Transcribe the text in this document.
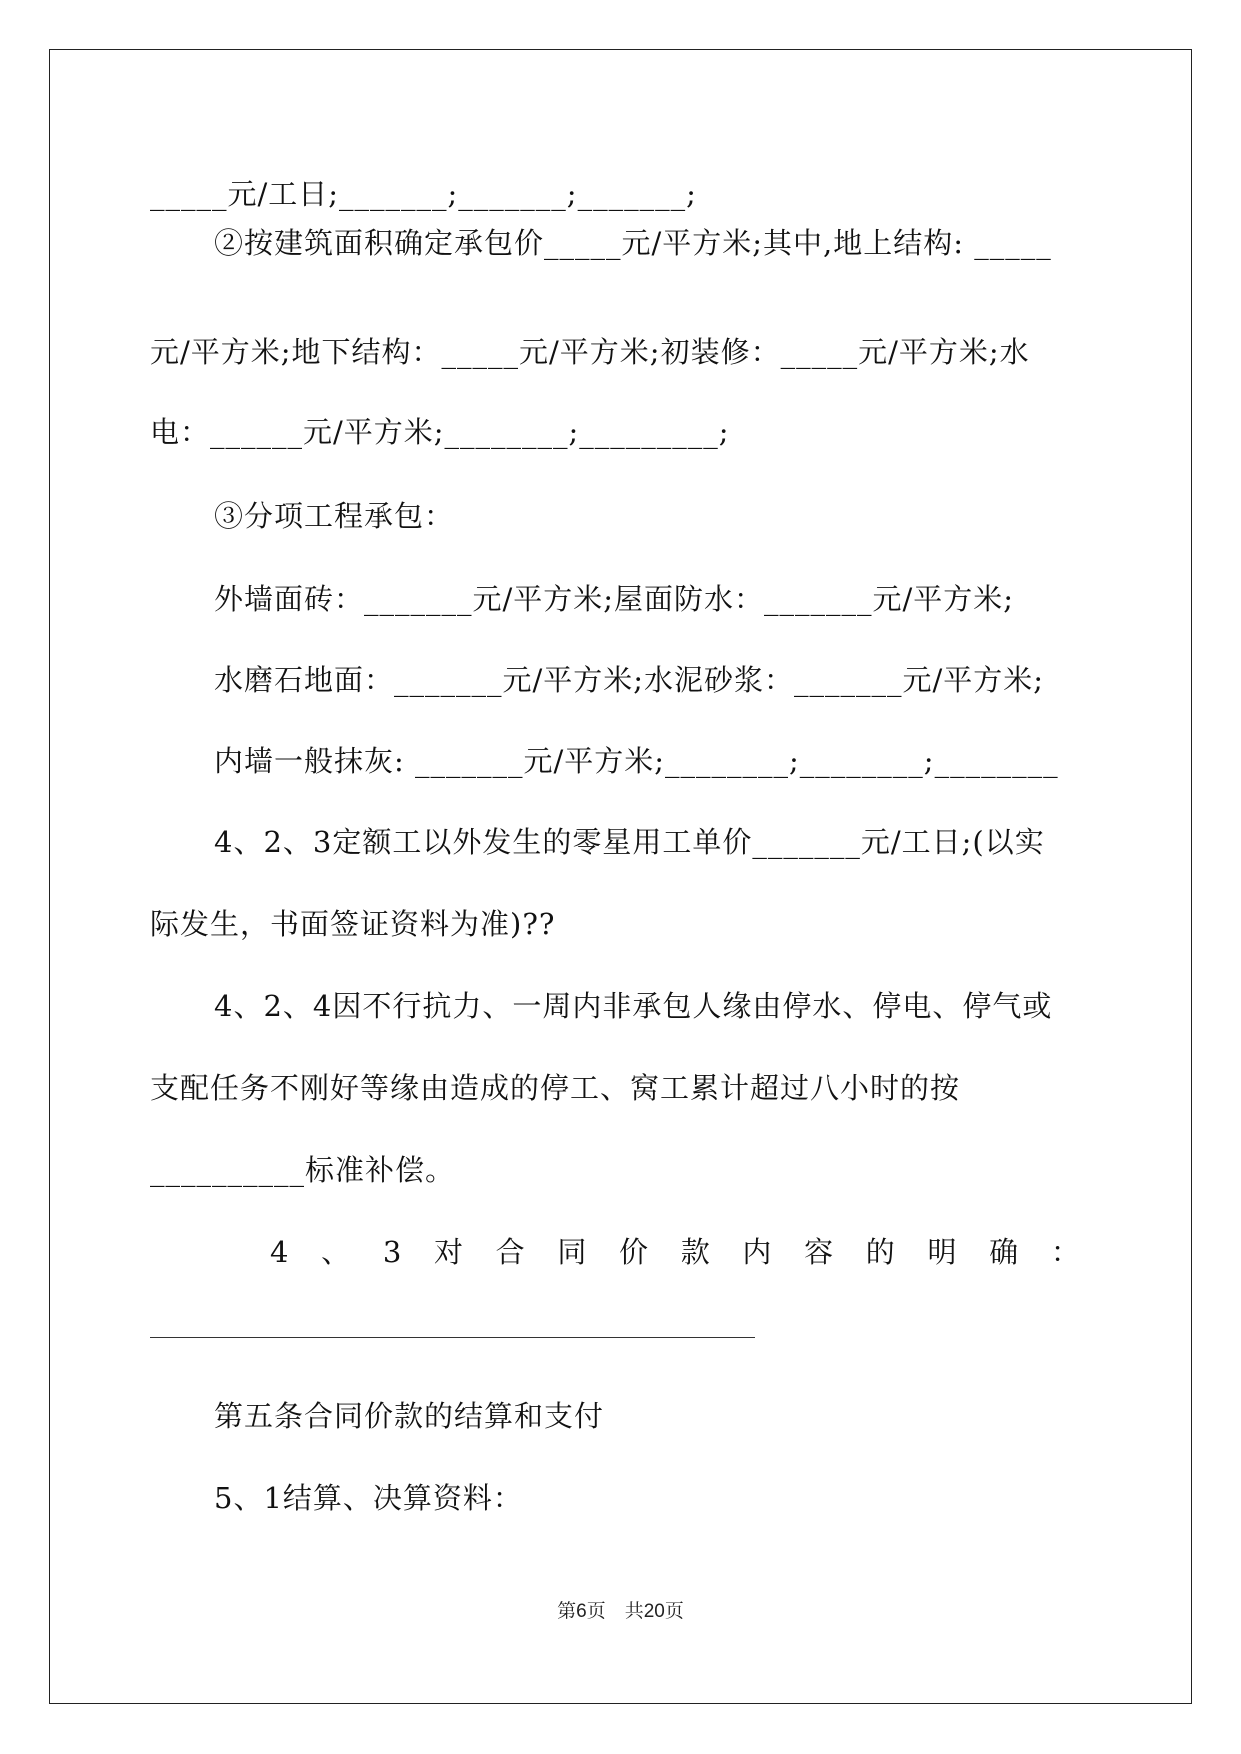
_____元/工日;_______;_______;_______;
②按建筑面积确定承包价_____元/平方米;其中,地上结构: _____
元/平方米;地下结构：_____元/平方米;初装修：_____元/平方米;水
电：______元/平方米;________;_________;
③分项工程承包：
外墙面砖：_______元/平方米;屋面防水：_______元/平方米;
水磨石地面：_______元/平方米;水泥砂浆：_______元/平方米;
内墙一般抹灰: _______元/平方米;________;________;________
4、2、3定额工以外发生的零星用工单价_______元/工日;(以实
际发生，书面签证资料为准)??
4、2、4因不行抗力、一周内非承包人缘由停水、停电、停气或
支配任务不刚好等缘由造成的停工、窝工累计超过八小时的按
__________标准补偿。
4 、 3 对 合 同 价 款 内 容 的 明 确 ：
第五条合同价款的结算和支付
5、1结算、决算资料：
第6页　共20页
